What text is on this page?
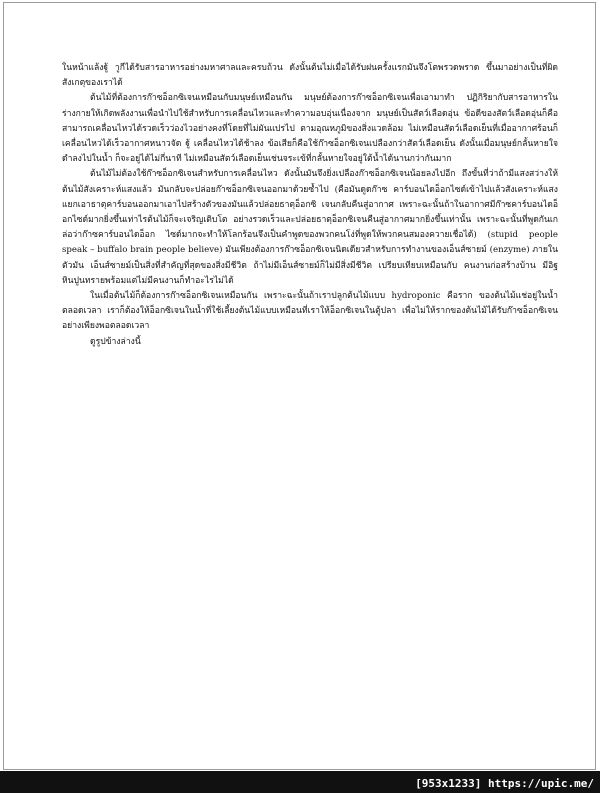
ในหน้าแล้งฐู้ าูกีได้รับสารอาหารอย่างมหาศาลและครบถ้วน ดังนั้นต้นไม่เมื่อได้รับฝนครั้งแรกมันจึงโตพรวดพราด ขึ้นมาอย่างเป็นที่ผิดสังเกตุของเราได้

ต้นไม้ที่ต้องการก๊าซอ็อกซิเจนเหมือนกับมนุษย์เหมือนกัน มนุษย์ต้องการก๊าซอ็อกซิเจนเพื่อเอามาทำ ปฏิกิริยากับสารอาหารในร่างกายให้เกิดพลังงานเพื่อนำไปใช้สำหรับการเคลื่อนไหวและทำความอบอุ่นเนื่องจาก มนุษย์เป็นสัตว์เลือดอุ่น ข้อดีของสัตว์เลือดอุ่นก็คือสามารถเคลื่อนไหวได้รวดเร็วว่องไวอย่างคงที่โดยที่ไม่ผันแปรไป ตามอุณหภูมิของสิ่งแวดล้อม ไม่เหมือนสัตว์เลือดเย็นที่เมื่ออากาศร้อนก็เคลื่อนไหวได้เร็วอากาศหนาวจัด ฐู้ เคลื่อนไหวได้ช้าลง ข้อเสียก็คือใช้ก๊าซอ็อกซิเจนเปลืองกว่าสัตว์เลือดเย็น ดังนั้นเมื่อมนุษย์กลั้นหายใจดำลงไปในน้ำ ก็จะอยู่ได้ไม่กี่นาที ไม่เหมือนสัตว์เลือดเย็นเช่นจระเข้ที่กลั้นหายใจอยู่ใต้น้ำได้นานกว่ากันมาก

ต้นไม้ไม่ต้องใช้ก๊าซอ็อกซิเจนสำหรับการเคลื่อนไหว ดังนั้นมันจึงยิ่งเปลืองก๊าซอ็อกซิเจนน้อยลงไปอีก ถึงขั้นที่ว่าถ้ามีแสงสว่างให้ต้นไม้สังเคราะห์แสงแล้ว มันกลับจะปล่อยก๊าซอ็อกซิเจนออกมาด้วยซ้ำไป (คือมันดูดก๊าซ คาร์บอนไดอ็อกไซด์เข้าไปแล้วสังเคราะห์แสงแยกเอาธาตุคาร์บอนออกมาเอาไปสร้างตัวของมันแล้วปล่อยธาตุอ็อกซิ เจนกลับคืนสู่อากาศ เพราะฉะนั้นถ้าในอากาศมีก๊าซคาร์บอนไดอ็อกไซด์มากยิ่งขึ้นเท่าไรต้นไม้ก็จะเจริญเติบโต อย่างรวดเร็วและปล่อยธาตุอ็อกซิเจนคืนสู่อากาศมากยิ่งขึ้นเท่านั้น เพราะฉะนั้นที่พูดกันเกล่อว่าก๊าซคาร์บอนไดอ็อก ไซด์มากจะทำให้โลกร้อนจึงเป็นคำพูดของพวกคนโง่ที่พูดให้พวกคนสมองควายเชื่อได้) (stupid people speak – buffalo brain people believe) มันเพียงต้องการก๊าซอ็อกซิเจนนิดเดียวสำหรับการทำงานของเอ็นส์ซายม์ (enzyme) ภายในตัวมัน เอ็นส์ซายม์เป็นสิ่งที่สำคัญที่สุดของสิ่งมีชีวิต ถ้าไม่มีเอ็นส์ซายม์ก็ไม่มีสิ่งมีชีวิต เปรียบเทียบเหมือนกับ คนงานก่อสร้างบ้าน มีอิฐหินปูนทรายพร้อมแต่ไม่มีคนงานก็ทำอะไรไม่ได้

ในเมื่อต้นไม้ก็ต้องการก๊าซอ็อกซิเจนเหมือนกัน เพราะฉะนั้นถ้าเราปลูกต้นไม้แบบ hydroponic คือราก ของต้นไม้แช่อยู่ในน้ำตลอดเวลา เราก็ต้องให้อ็อกซิเจนในน้ำที่ใช้เลี้ยงต้นไม้แบบเหมือนที่เราให้อ็อกซิเจนในตู้ปลา เพื่อไม่ให้รากของต้นไม้ได้รับก๊าซอ็อกซิเจนอย่างเพียงพอตลอดเวลา

ดูรูปข้างล่างนี้

[953x1233] https://upic.me/
